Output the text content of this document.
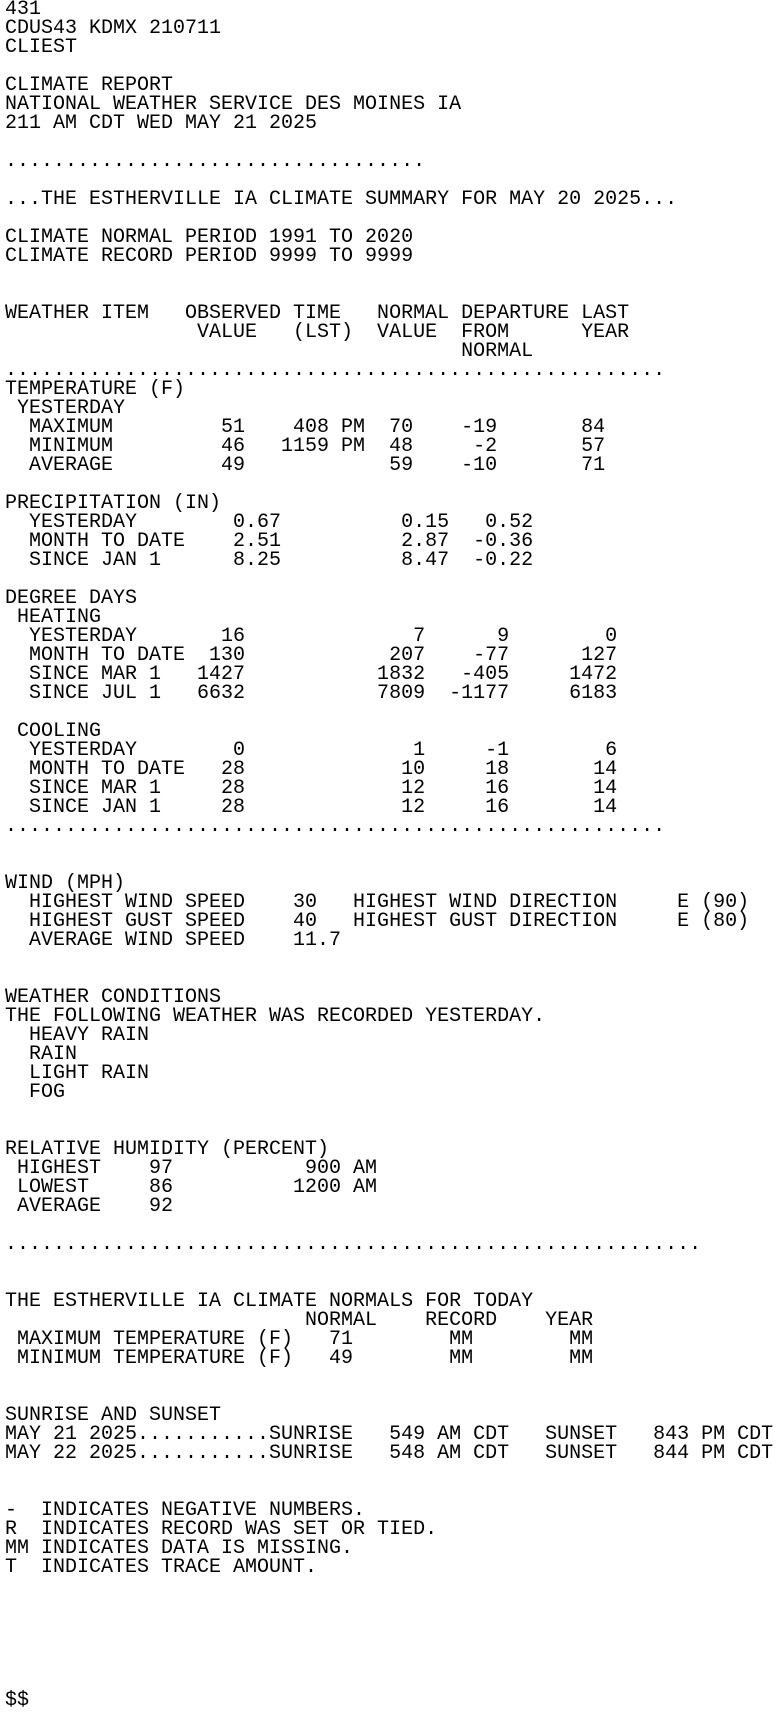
431
CDUS43 KDMX 210711
CLIEST
CLIMATE REPORT
NATIONAL WEATHER SERVICE DES MOINES IA
211 AM CDT WED MAY 21 2025
...................................
...THE ESTHERVILLE IA CLIMATE SUMMARY FOR MAY 20 2025...
CLIMATE NORMAL PERIOD 1991 TO 2020
CLIMATE RECORD PERIOD 9999 TO 9999
WEATHER ITEM   OBSERVED TIME   NORMAL DEPARTURE LAST
VALUE   (LST)  VALUE  FROM      YEAR
NORMAL
.......................................................
TEMPERATURE (F)
YESTERDAY
MAXIMUM         51    408 PM  70    -19       84
MINIMUM         46   1159 PM  48     -2       57
AVERAGE         49            59    -10       71
PRECIPITATION (IN)
YESTERDAY        0.67          0.15   0.52
MONTH TO DATE    2.51          2.87  -0.36
SINCE JAN 1      8.25          8.47  -0.22
DEGREE DAYS
HEATING
YESTERDAY       16              7      9        0
MONTH TO DATE  130            207    -77      127
SINCE MAR 1   1427           1832   -405     1472
SINCE JUL 1   6632           7809  -1177     6183
COOLING
YESTERDAY        0              1     -1        6
MONTH TO DATE   28             10     18       14
SINCE MAR 1     28             12     16       14
SINCE JAN 1     28             12     16       14
.......................................................
WIND (MPH)
HIGHEST WIND SPEED    30   HIGHEST WIND DIRECTION     E (90)
HIGHEST GUST SPEED    40   HIGHEST GUST DIRECTION     E (80)
AVERAGE WIND SPEED    11.7
WEATHER CONDITIONS
THE FOLLOWING WEATHER WAS RECORDED YESTERDAY.
HEAVY RAIN
RAIN
LIGHT RAIN
FOG
RELATIVE HUMIDITY (PERCENT)
HIGHEST    97           900 AM
LOWEST     86          1200 AM
AVERAGE    92
..........................................................
THE ESTHERVILLE IA CLIMATE NORMALS FOR TODAY
NORMAL    RECORD    YEAR
MAXIMUM TEMPERATURE (F)   71        MM        MM
MINIMUM TEMPERATURE (F)   49        MM        MM
SUNRISE AND SUNSET
MAY 21 2025...........SUNRISE   549 AM CDT   SUNSET   843 PM CDT
MAY 22 2025...........SUNRISE   548 AM CDT   SUNSET   844 PM CDT
-  INDICATES NEGATIVE NUMBERS.
R  INDICATES RECORD WAS SET OR TIED.
MM INDICATES DATA IS MISSING.
T  INDICATES TRACE AMOUNT.
$$
